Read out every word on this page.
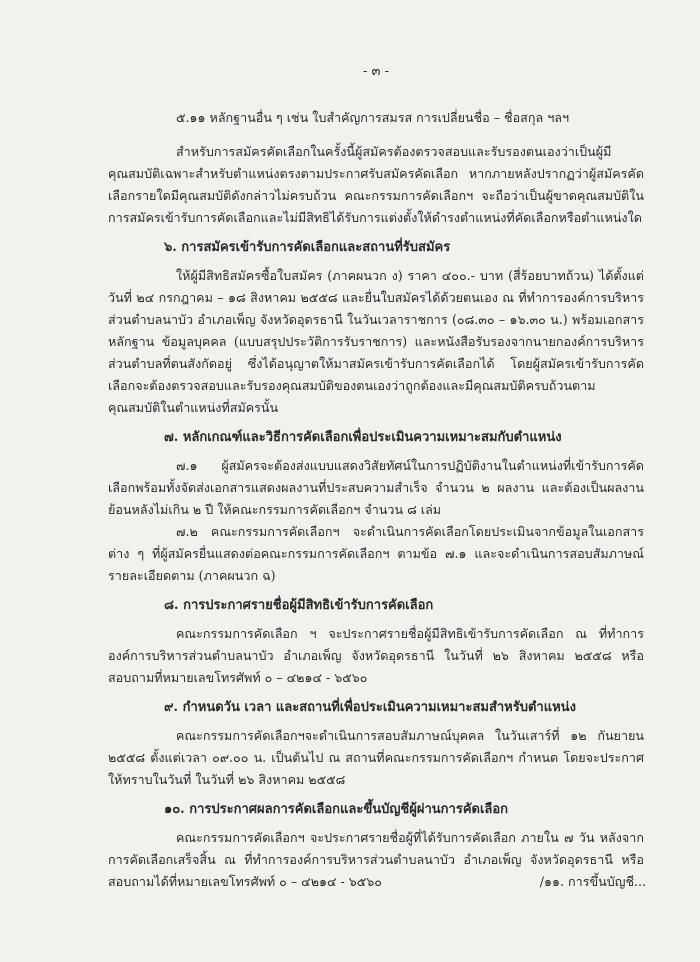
- ๓ -

๕.๑๑ หลักฐานอื่น ๆ เช่น ใบสำคัญการสมรส การเปลี่ยนชื่อ – ชื่อสกุล ฯลฯ

สำหรับการสมัครคัดเลือกในครั้งนี้ผู้สมัครต้องตรวจสอบและรับรองตนเองว่าเป็นผู้มีคุณสมบัติเฉพาะสำหรับตำแหน่งตรงตามประกาศรับสมัครคัดเลือก หากภายหลังปรากฏว่าผู้สมัครคัดเลือกรายใดมีคุณสมบัติดังกล่าวไม่ครบถ้วน คณะกรรมการคัดเลือกฯ จะถือว่าเป็นผู้ขาดคุณสมบัติในการสมัครเข้ารับการคัดเลือกและไม่มีสิทธิได้รับการแต่งตั้งให้ดำรงตำแหน่งที่คัดเลือกหรือตำแหน่งใด

๖. การสมัครเข้ารับการคัดเลือกและสถานที่รับสมัคร

ให้ผู้มีสิทธิสมัครซื้อใบสมัคร (ภาคผนวก ง) ราคา ๔๐๐.- บาท (สี่ร้อยบาทถ้วน) ได้ตั้งแต่วันที่ ๒๔ กรกฎาคม – ๑๘ สิงหาคม ๒๕๕๘ และยื่นใบสมัครได้ด้วยตนเอง ณ ที่ทำการองค์การบริหารส่วนตำบลนาบัว อำเภอเพ็ญ จังหวัดอุดรธานี ในวันเวลาราชการ (๐๘.๓๐ – ๑๖.๓๐ น.) พร้อมเอกสาร หลักฐาน ข้อมูลบุคคล (แบบสรุปประวัติการรับราชการ) และหนังสือรับรองจากนายกองค์การบริหารส่วนตำบลที่ตนสังกัดอยู่ ซึ่งได้อนุญาตให้มาสมัครเข้ารับการคัดเลือกได้ โดยผู้สมัครเข้ารับการคัดเลือกจะต้องตรวจสอบและรับรองคุณสมบัติของตนเองว่าถูกต้องและมีคุณสมบัติครบถ้วนตามคุณสมบัติในตำแหน่งที่สมัครนั้น

๗. หลักเกณฑ์และวิธีการคัดเลือกเพื่อประเมินความเหมาะสมกับตำแหน่ง

๗.๑ ผู้สมัครจะต้องส่งแบบแสดงวิสัยทัศน์ในการปฏิบัติงานในตำแหน่งที่เข้ารับการคัดเลือกพร้อมทั้งจัดส่งเอกสารแสดงผลงานที่ประสบความสำเร็จ จำนวน ๒ ผลงาน และต้องเป็นผลงานย้อนหลังไม่เกิน ๒ ปี ให้คณะกรรมการคัดเลือกฯ จำนวน ๘ เล่ม

๗.๒ คณะกรรมการคัดเลือกฯ จะดำเนินการคัดเลือกโดยประเมินจากข้อมูลในเอกสารต่าง ๆ ที่ผู้สมัครยื่นแสดงต่อคณะกรรมการคัดเลือกฯ ตามข้อ ๗.๑ และจะดำเนินการสอบสัมภาษณ์รายละเอียดตาม (ภาคผนวก ฉ)

๘. การประกาศรายชื่อผู้มีสิทธิเข้ารับการคัดเลือก

คณะกรรมการคัดเลือก ฯ จะประกาศรายชื่อผู้มีสิทธิเข้ารับการคัดเลือก ณ ที่ทำการองค์การบริหารส่วนตำบลนาบัว อำเภอเพ็ญ จังหวัดอุดรธานี ในวันที่ ๒๖ สิงหาคม ๒๕๕๘ หรือ สอบถามที่หมายเลขโทรศัพท์ ๐ – ๔๒๑๔ - ๖๕๖๐

๙. กำหนดวัน เวลา และสถานที่เพื่อประเมินความเหมาะสมสำหรับตำแหน่ง

คณะกรรมการคัดเลือกฯจะดำเนินการสอบสัมภาษณ์บุคคล ในวันเสาร์ที่ ๑๒ กันยายน ๒๕๕๘ ตั้งแต่เวลา ๐๙.๐๐ น. เป็นต้นไป ณ สถานที่คณะกรรมการคัดเลือกฯ กำหนด โดยจะประกาศให้ทราบในวันที่ ในวันที่ ๒๖ สิงหาคม ๒๕๕๘

๑๐. การประกาศผลการคัดเลือกและขึ้นบัญชีผู้ผ่านการคัดเลือก

คณะกรรมการคัดเลือกฯ จะประกาศรายชื่อผู้ที่ได้รับการคัดเลือก ภายใน ๗ วัน หลังจากการคัดเลือกเสร็จสิ้น ณ ที่ทำการองค์การบริหารส่วนตำบลนาบัว อำเภอเพ็ญ จังหวัดอุดรธานี หรือสอบถามได้ที่หมายเลขโทรศัพท์ ๐ – ๔๒๑๔ - ๖๕๖๐	/๑๑. การขึ้นบัญชี...
